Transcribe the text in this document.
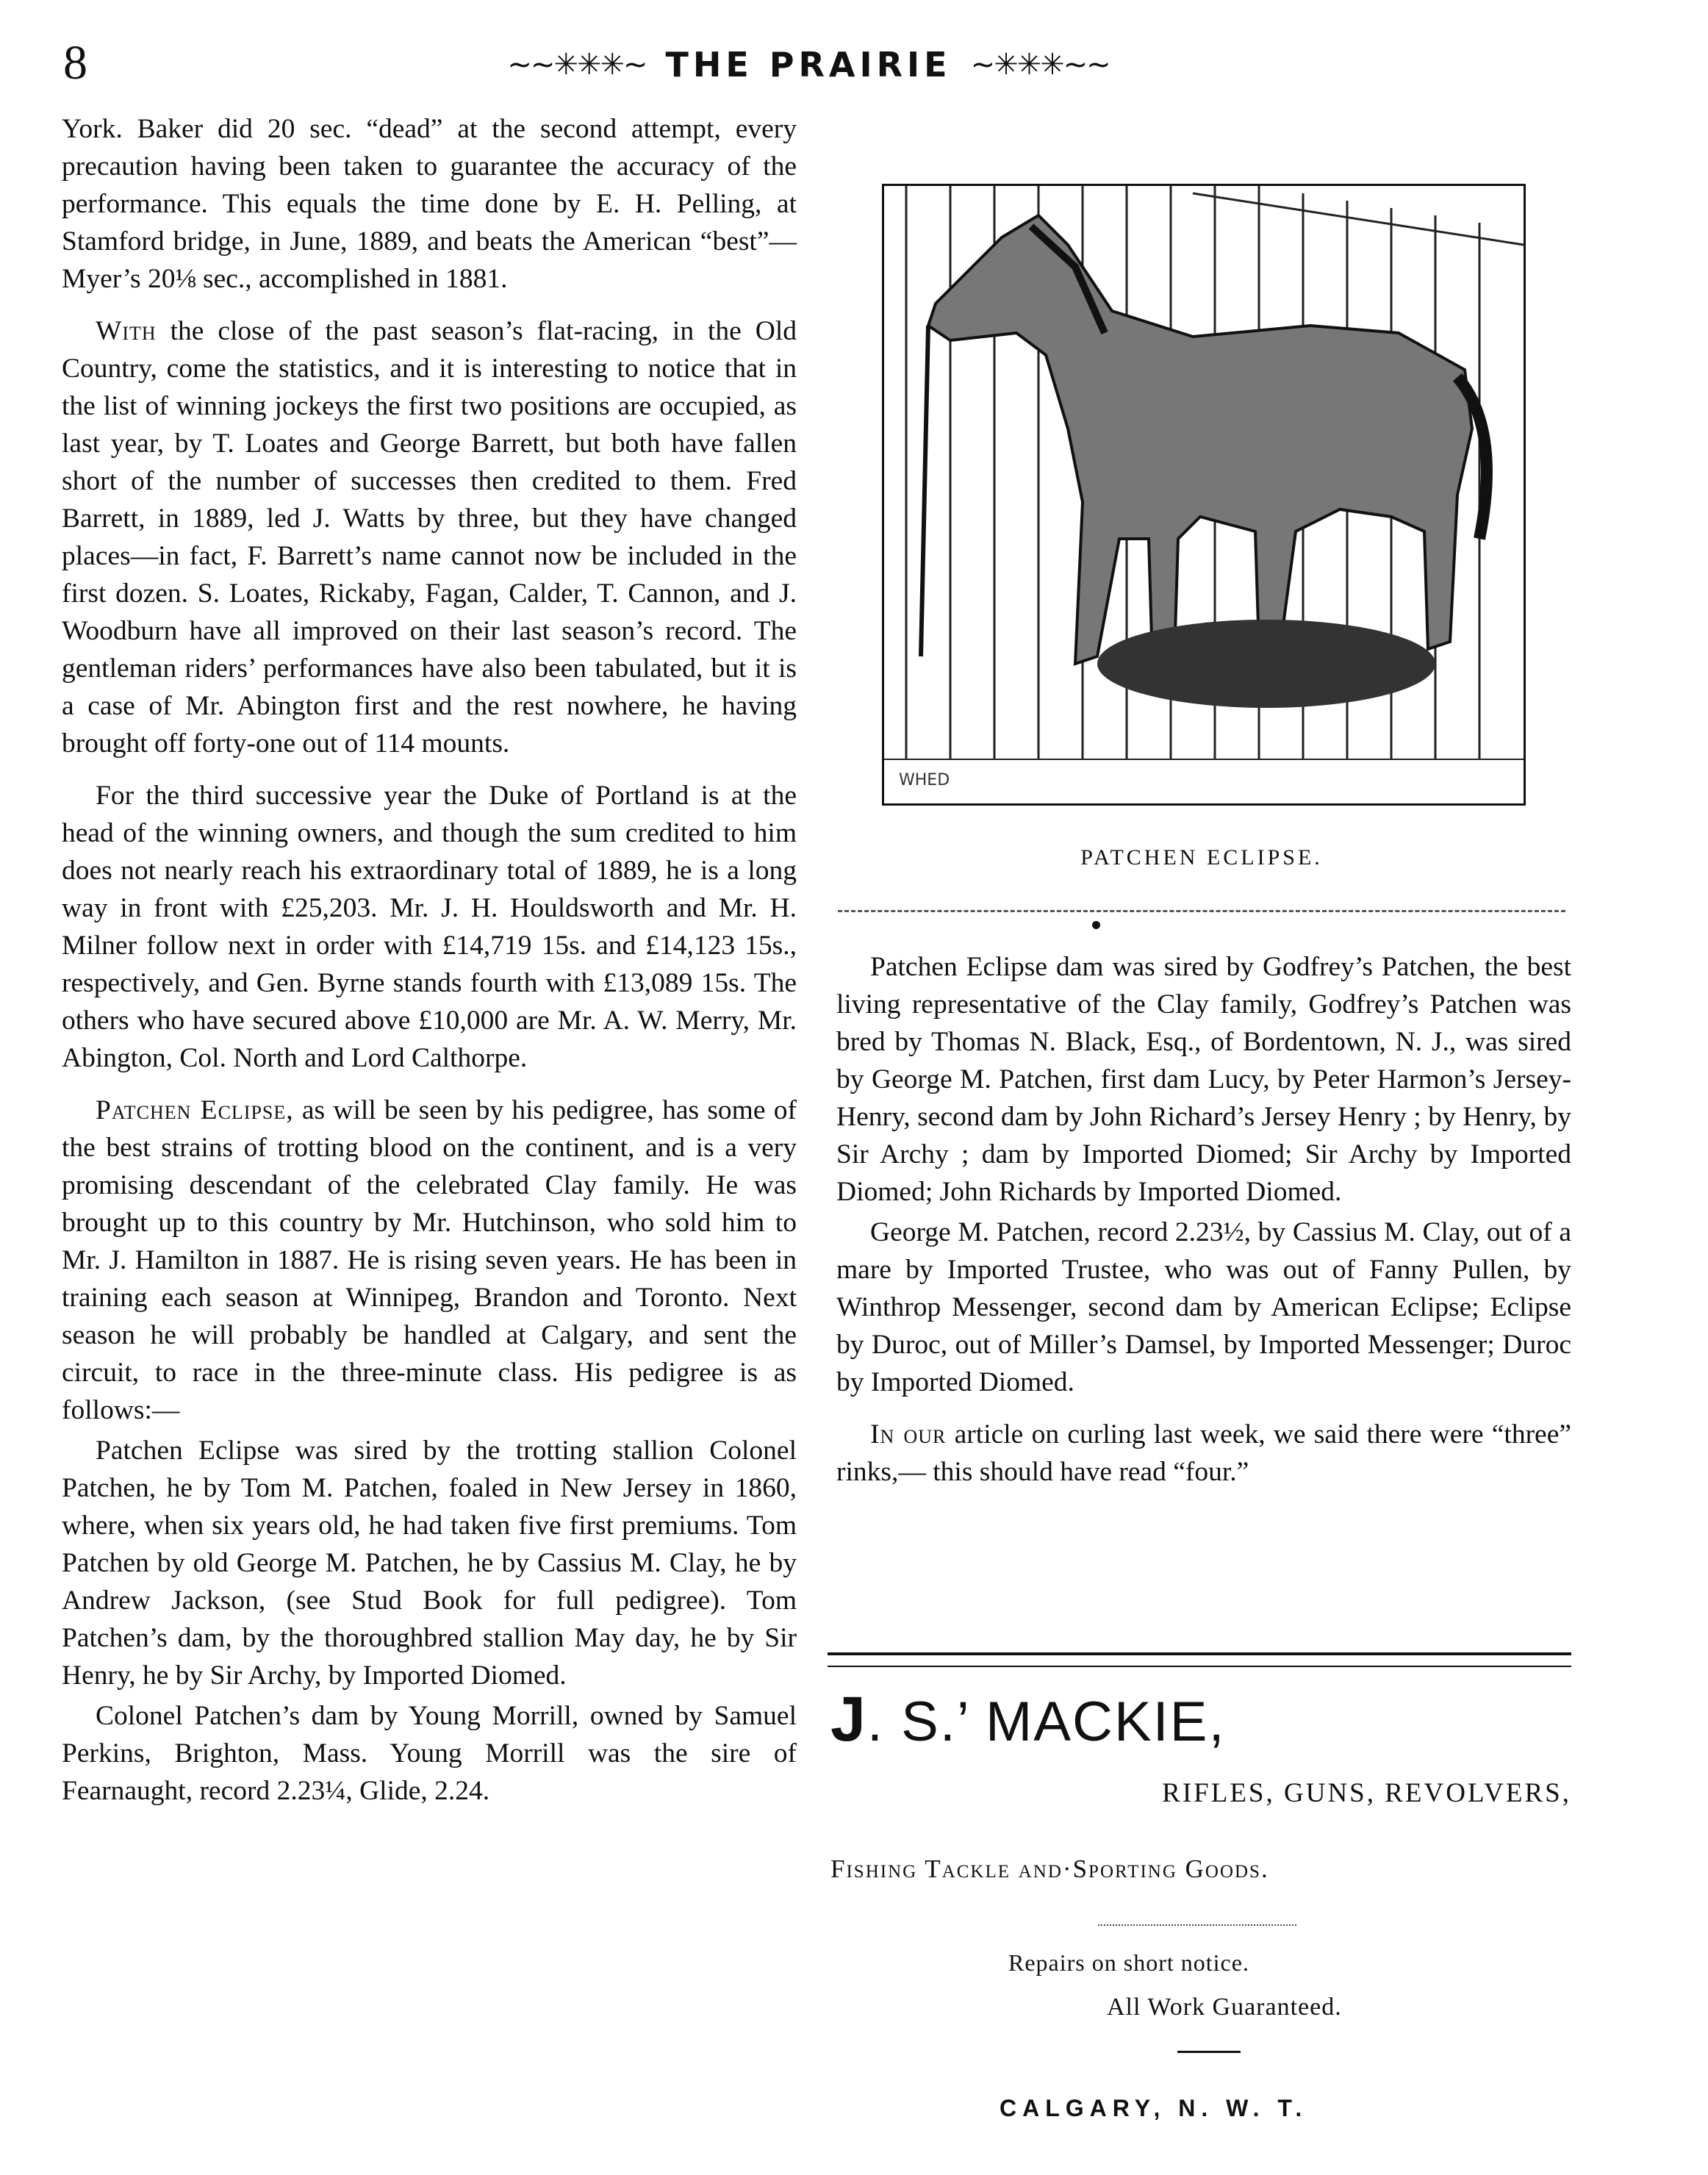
8	~~✳✳✳~ THE PRAIRIE ~✳✳✳~~

York. Baker did 20 sec. “dead” at the second attempt, every precaution having been taken to guarantee the accuracy of the performance. This equals the time done by E. H. Pelling, at Stamford bridge, in June, 1889, and beats the American “best”—Myer’s 20⅛ sec., accomplished in 1881.

With the close of the past season’s flat-racing, in the Old Country, come the statistics, and it is interesting to notice that in the list of winning jockeys the first two positions are occupied, as last year, by T. Loates and George Barrett, but both have fallen short of the number of successes then credited to them. Fred Barrett, in 1889, led J. Watts by three, but they have changed places—in fact, F. Barrett’s name cannot now be included in the first dozen. S. Loates, Rickaby, Fagan, Calder, T. Cannon, and J. Woodburn have all improved on their last season’s record. The gentleman riders’ performances have also been tabulated, but it is a case of Mr. Abington first and the rest nowhere, he having brought off forty-one out of 114 mounts.

For the third successive year the Duke of Portland is at the head of the winning owners, and though the sum credited to him does not nearly reach his extraordinary total of 1889, he is a long way in front with £25,203. Mr. J. H. Houldsworth and Mr. H. Milner follow next in order with £14,719 15s. and £14,123 15s., respectively, and Gen. Byrne stands fourth with £13,089 15s. The others who have secured above £10,000 are Mr. A. W. Merry, Mr. Abington, Col. North and Lord Calthorpe.

Patchen Eclipse, as will be seen by his pedigree, has some of the best strains of trotting blood on the continent, and is a very promising descendant of the celebrated Clay family. He was brought up to this country by Mr. Hutchinson, who sold him to Mr. J. Hamilton in 1887. He is rising seven years. He has been in training each season at Winnipeg, Brandon and Toronto. Next season he will probably be handled at Calgary, and sent the circuit, to race in the three-minute class. His pedigree is as follows:—

Patchen Eclipse was sired by the trotting stallion Colonel Patchen, he by Tom M. Patchen, foaled in New Jersey in 1860, where, when six years old, he had taken five first premiums. Tom Patchen by old George M. Patchen, he by Cassius M. Clay, he by Andrew Jackson, (see Stud Book for full pedigree). Tom Patchen’s dam, by the thoroughbred stallion May day, he by Sir Henry, he by Sir Archy, by Imported Diomed.

Colonel Patchen’s dam by Young Morrill, owned by Samuel Perkins, Brighton, Mass. Young Morrill was the sire of Fearnaught, record 2.23¼, Glide, 2.24.

WHED
PATCHEN ECLIPSE.

Patchen Eclipse dam was sired by Godfrey’s Patchen, the best living representative of the Clay family, Godfrey’s Patchen was bred by Thomas N. Black, Esq., of Bordentown, N. J., was sired by George M. Patchen, first dam Lucy, by Peter Harmon’s Jersey-Henry, second dam by John Richard’s Jersey Henry ; by Henry, by Sir Archy ; dam by Imported Diomed; Sir Archy by Imported Diomed; John Richards by Imported Diomed.

George M. Patchen, record 2.23½, by Cassius M. Clay, out of a mare by Imported Trustee, who was out of Fanny Pullen, by Winthrop Messenger, second dam by American Eclipse; Eclipse by Duroc, out of Miller’s Damsel, by Imported Messenger; Duroc by Imported Diomed.

In our article on curling last week, we said there were “three” rinks,— this should have read “four.”

J. S.’ MACKIE,
RIFLES, GUNS, REVOLVERS,
Fishing Tackle and·Sporting Goods.
Repairs on short notice.
All Work Guaranteed.
CALGARY, N. W. T.
